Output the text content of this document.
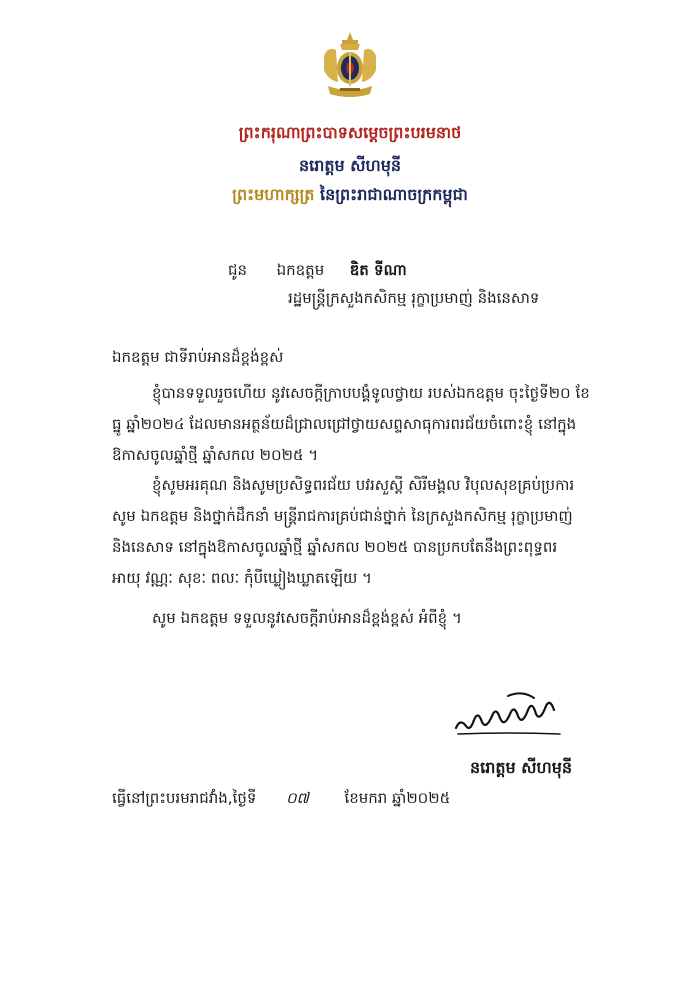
ព្រះករុណាព្រះបាទសម្ដេចព្រះបរមនាថ
នរោត្តម សីហមុនី
ព្រះមហាក្សត្រ នៃព្រះរាជាណាចក្រកម្ពុជា
ជូន ឯកឧត្តម ឌិត ទីណា
រដ្ឋមន្ត្រីក្រសួងកសិកម្ម រុក្ខាប្រមាញ់ និងនេសាទ
ឯកឧត្តម ជាទីរាប់អានដ៏ខ្ពង់ខ្ពស់
ខ្ញុំបានទទួលរួចហើយ នូវសេចក្ដីក្រាបបង្គំទូលថ្វាយ របស់ឯកឧត្តម ចុះថ្ងៃទី២០ ខែធ្នូ ឆ្នាំ២០២៤ ដែលមានអត្ថន័យដ៏ជ្រាលជ្រៅថ្វាយសព្ទសាធុការពរជ័យចំពោះខ្ញុំ នៅក្នុងឱកាសចូលឆ្នាំថ្មី ឆ្នាំសកល ២០២៥ ។
ខ្ញុំសូមអរគុណ និងសូមប្រសិទ្ធពរជ័យ បវរសួស្ដី សិរីមង្គល វិបុលសុខគ្រប់ប្រការ សូម ឯកឧត្តម និងថ្នាក់ដឹកនាំ មន្ត្រីរាជការគ្រប់ជាន់ថ្នាក់ នៃក្រសួងកសិកម្ម រុក្ខាប្រមាញ់ និងនេសាទ នៅក្នុងឱកាសចូលឆ្នាំថ្មី ឆ្នាំសកល ២០២៥ បានប្រកបតែនឹងព្រះពុទ្ធពរ អាយុ វណ្ណៈ សុខៈ ពលៈ កុំបីឃ្លៀងឃ្លាតឡើយ ។
សូម ឯកឧត្តម ទទួលនូវសេចក្ដីរាប់អានដ៏ខ្ពង់ខ្ពស់ អំពីខ្ញុំ ។
នរោត្តម សីហមុនី
ធ្វើនៅព្រះបរមរាជវាំង,ថ្ងៃទី ០៧ ខែមករា ឆ្នាំ២០២៥
